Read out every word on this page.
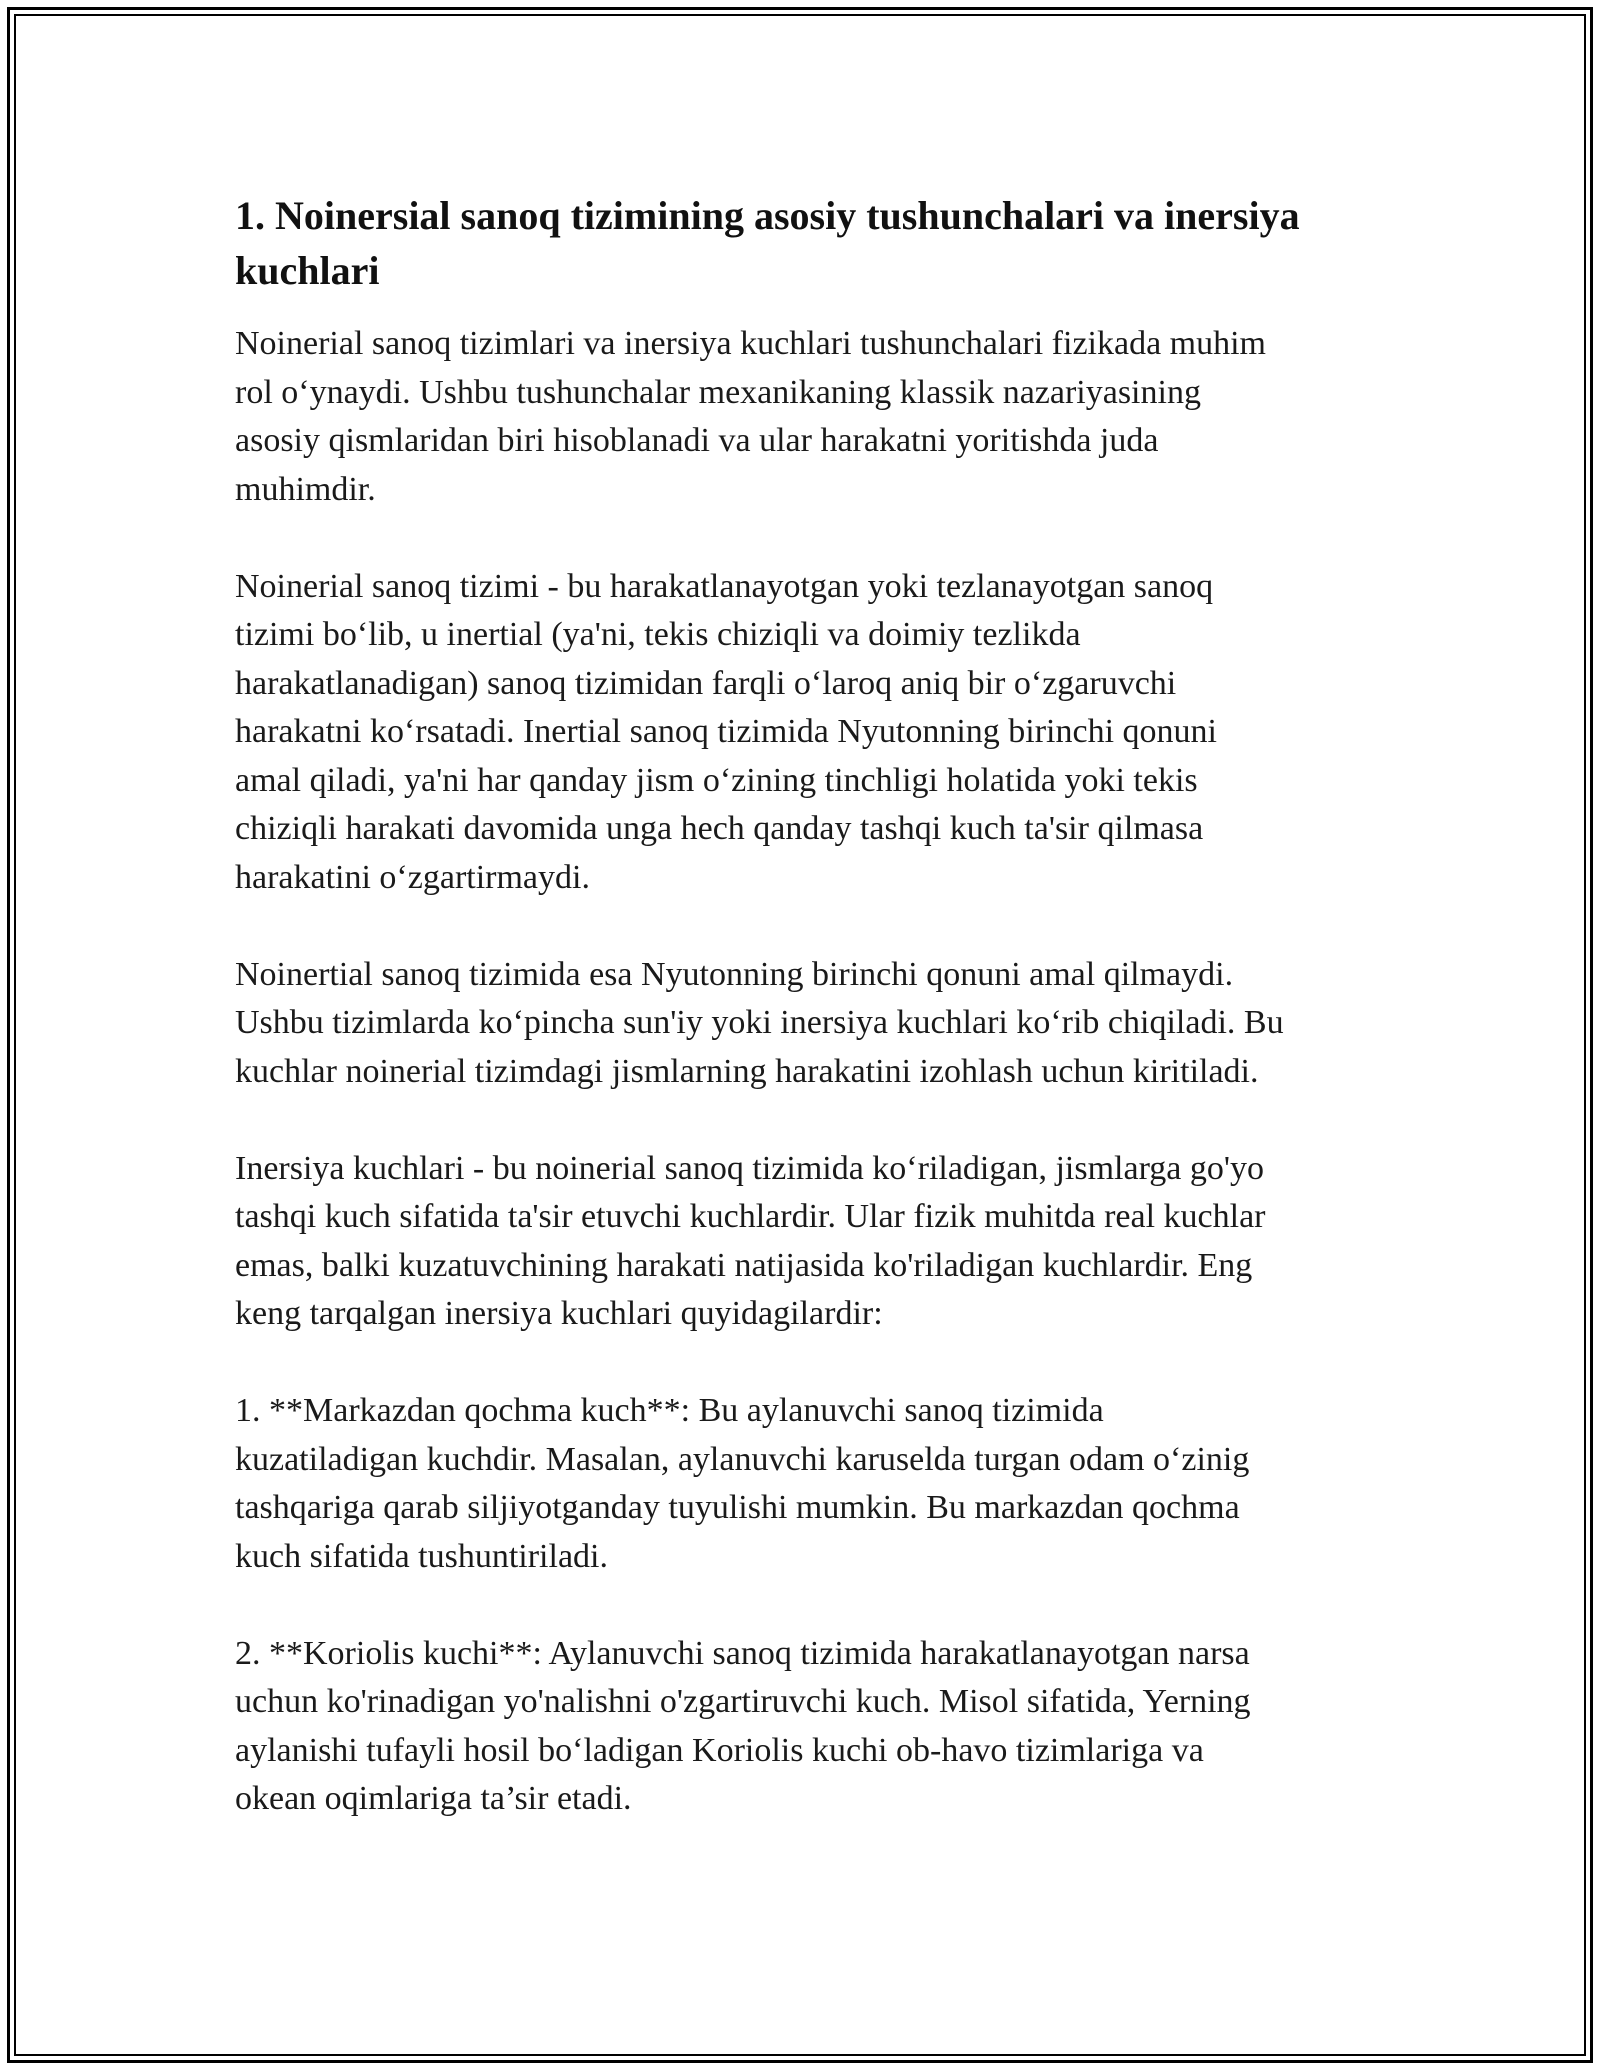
1. Noinersial sanoq tizimining asosiy tushunchalari va inersiya
kuchlari

Noinerial sanoq tizimlari va inersiya kuchlari tushunchalari fizikada muhim
rol o‘ynaydi. Ushbu tushunchalar mexanikaning klassik nazariyasining
asosiy qismlaridan biri hisoblanadi va ular harakatni yoritishda juda
muhimdir.

Noinerial sanoq tizimi - bu harakatlanayotgan yoki tezlanayotgan sanoq
tizimi bo‘lib, u inertial (ya'ni, tekis chiziqli va doimiy tezlikda
harakatlanadigan) sanoq tizimidan farqli o‘laroq aniq bir o‘zgaruvchi
harakatni ko‘rsatadi. Inertial sanoq tizimida Nyutonning birinchi qonuni
amal qiladi, ya'ni har qanday jism o‘zining tinchligi holatida yoki tekis
chiziqli harakati davomida unga hech qanday tashqi kuch ta'sir qilmasa
harakatini o‘zgartirmaydi.

Noinertial sanoq tizimida esa Nyutonning birinchi qonuni amal qilmaydi.
Ushbu tizimlarda ko‘pincha sun'iy yoki inersiya kuchlari ko‘rib chiqiladi. Bu
kuchlar noinerial tizimdagi jismlarning harakatini izohlash uchun kiritiladi.

Inersiya kuchlari - bu noinerial sanoq tizimida ko‘riladigan, jismlarga go'yo
tashqi kuch sifatida ta'sir etuvchi kuchlardir. Ular fizik muhitda real kuchlar
emas, balki kuzatuvchining harakati natijasida ko'riladigan kuchlardir. Eng
keng tarqalgan inersiya kuchlari quyidagilardir:

1. **Markazdan qochma kuch**: Bu aylanuvchi sanoq tizimida
kuzatiladigan kuchdir. Masalan, aylanuvchi karuselda turgan odam o‘zinig
tashqariga qarab siljiyotganday tuyulishi mumkin. Bu markazdan qochma
kuch sifatida tushuntiriladi.

2. **Koriolis kuchi**: Aylanuvchi sanoq tizimida harakatlanayotgan narsa
uchun ko'rinadigan yo'nalishni o'zgartiruvchi kuch. Misol sifatida, Yerning
aylanishi tufayli hosil bo‘ladigan Koriolis kuchi ob-havo tizimlariga va
okean oqimlariga ta’sir etadi.
